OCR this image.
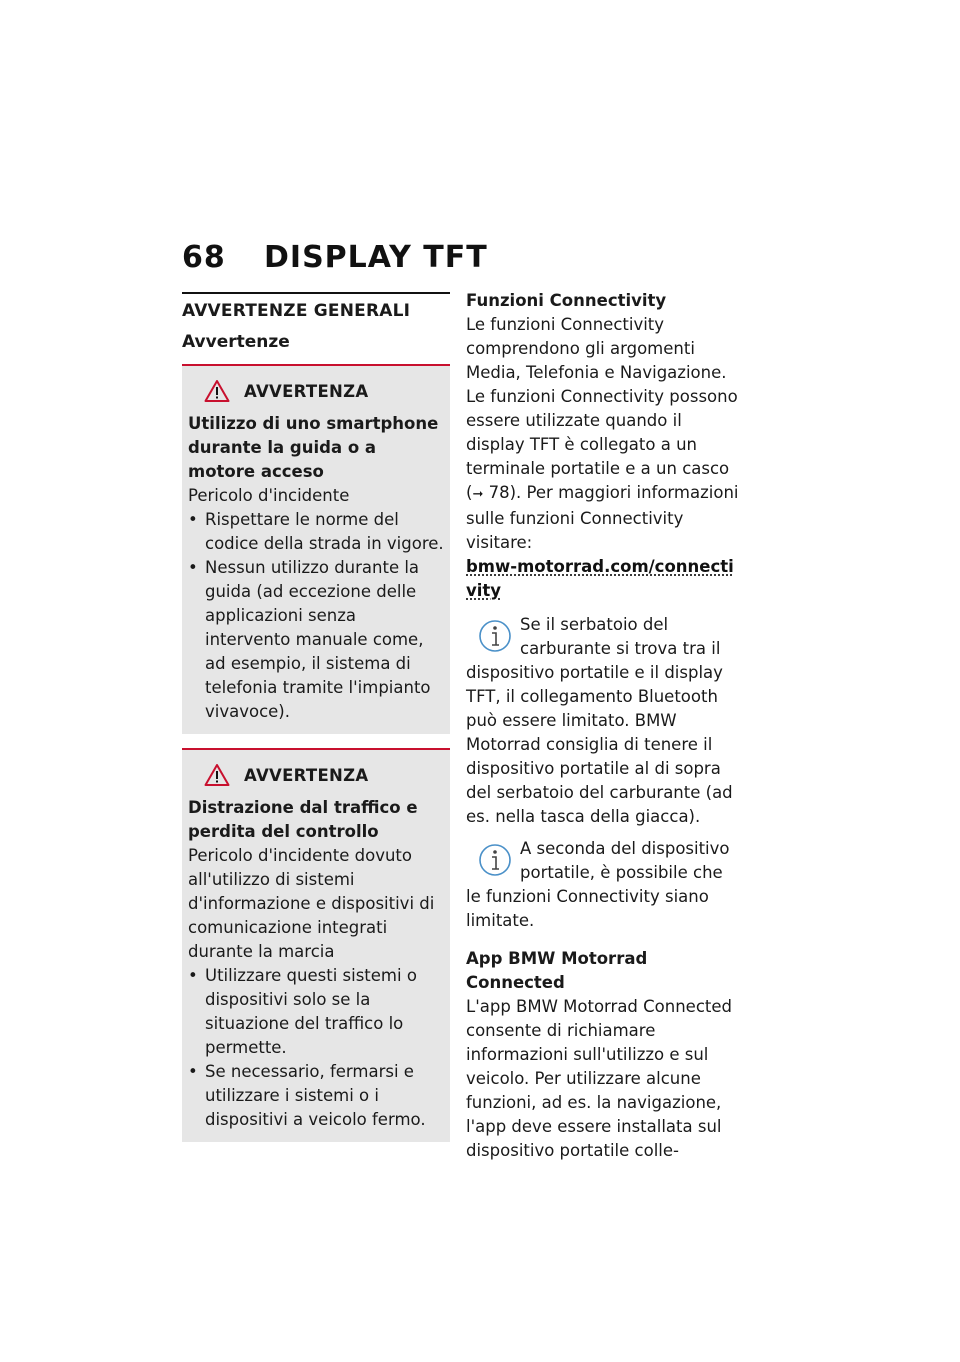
68 DISPLAY TFT
AVVERTENZE GENERALI
Avvertenze
AVVERTENZA
Utilizzo di uno smartphone durante la guida o a motore acceso
Pericolo d'incidente
• Rispettare le norme del codice della strada in vigore.
• Nessun utilizzo durante la guida (ad eccezione delle applicazioni senza intervento manuale come, ad esempio, il sistema di telefonia tramite l'impianto vivavoce).
AVVERTENZA
Distrazione dal traffico e perdita del controllo
Pericolo d'incidente dovuto all'utilizzo di sistemi d'informazione e dispositivi di comunicazione integrati durante la marcia
• Utilizzare questi sistemi o dispositivi solo se la situazione del traffico lo permette.
• Se necessario, fermarsi e utilizzare i sistemi o i dispositivi a veicolo fermo.
Funzioni Connectivity
Le funzioni Connectivity comprendono gli argomenti Media, Telefonia e Navigazione. Le funzioni Connectivity possono essere utilizzate quando il display TFT è collegato a un terminale portatile e a un casco (➞ 78). Per maggiori informazioni sulle funzioni Connectivity visitare:
bmw-motorrad.com/connectivity
Se il serbatoio del carburante si trova tra il dispositivo portatile e il display TFT, il collegamento Bluetooth può essere limitato. BMW Motorrad consiglia di tenere il dispositivo portatile al di sopra del serbatoio del carburante (ad es. nella tasca della giacca).
A seconda del dispositivo portatile, è possibile che le funzioni Connectivity siano limitate.
App BMW Motorrad Connected
L'app BMW Motorrad Connected consente di richiamare informazioni sull'utilizzo e sul veicolo. Per utilizzare alcune funzioni, ad es. la navigazione, l'app deve essere installata sul dispositivo portatile colle-
